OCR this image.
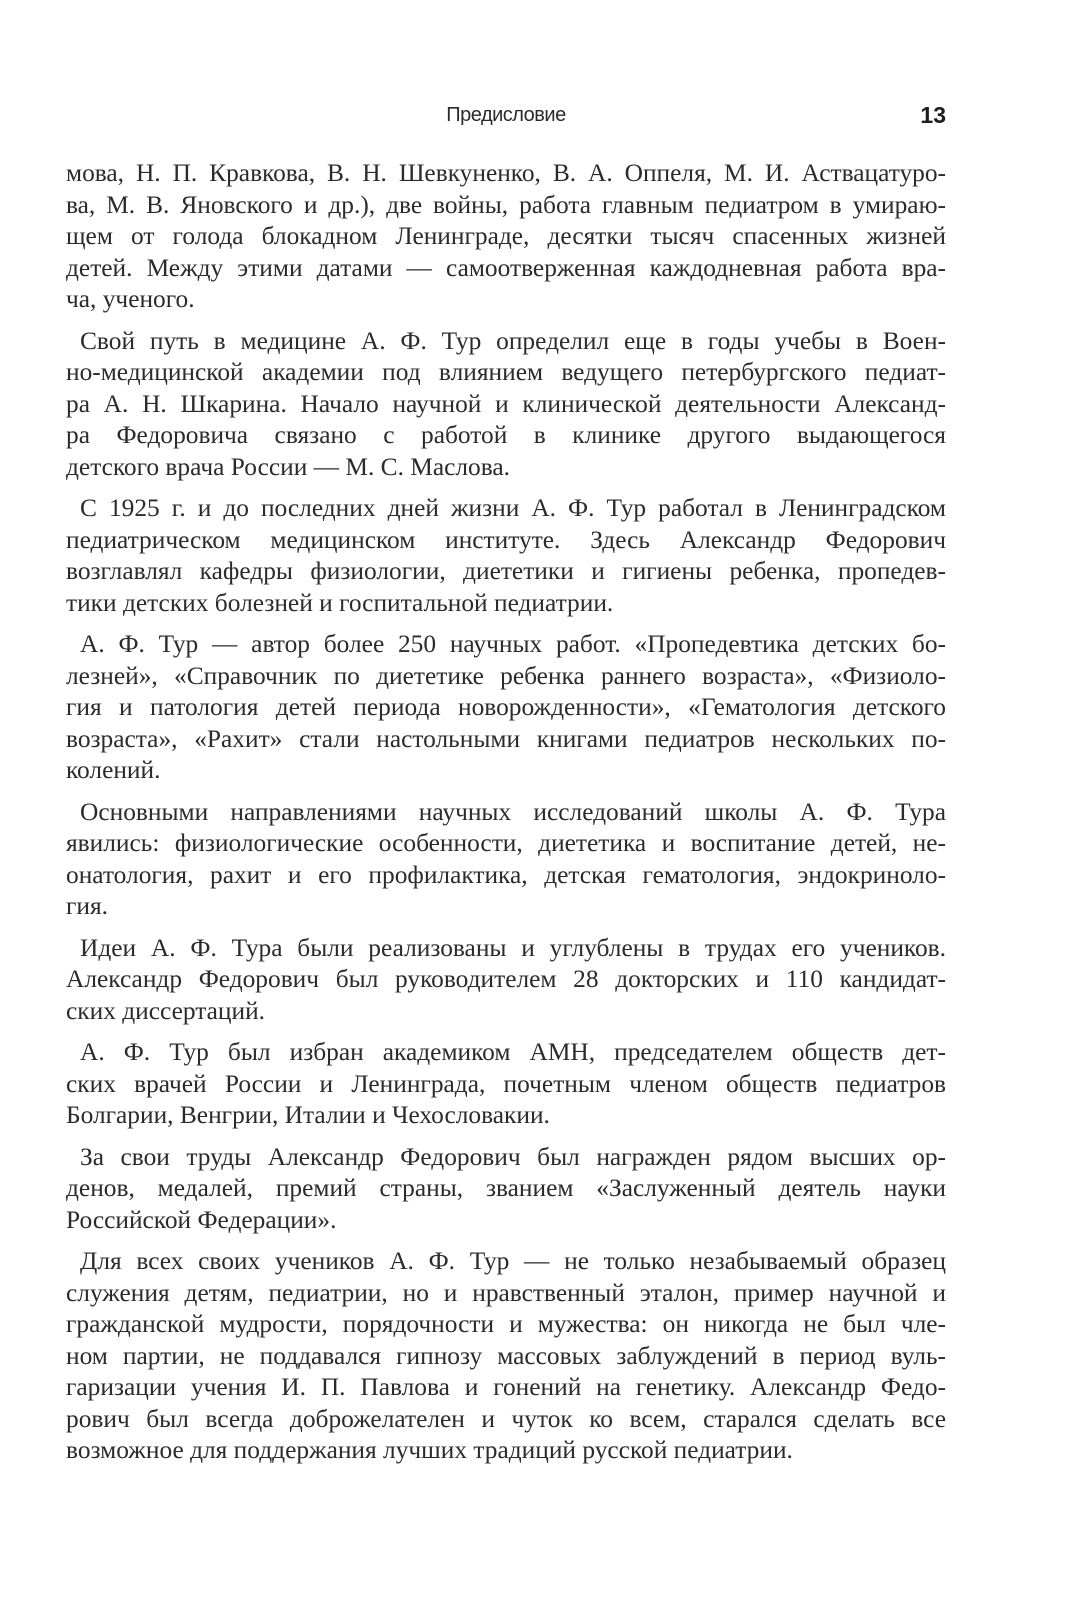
Предисловие	13

мова, Н. П. Кравкова, В. Н. Шевкуненко, В. А. Оппеля, М. И. Аствацатуро-
ва, М. В. Яновского и др.), две войны, работа главным педиатром в умираю-
щем от голода блокадном Ленинграде, десятки тысяч спасенных жизней
детей. Между этими датами — самоотверженная каждодневная работа вра-
ча, ученого.

Свой путь в медицине А. Ф. Тур определил еще в годы учебы в Воен-
но-медицинской академии под влиянием ведущего петербургского педиат-
ра А. Н. Шкарина. Начало научной и клинической деятельности Александ-
ра Федоровича связано с работой в клинике другого выдающегося
детского врача России — М. С. Маслова.

С 1925 г. и до последних дней жизни А. Ф. Тур работал в Ленинградском
педиатрическом медицинском институте. Здесь Александр Федорович
возглавлял кафедры физиологии, диететики и гигиены ребенка, пропедев-
тики детских болезней и госпитальной педиатрии.

А. Ф. Тур — автор более 250 научных работ. «Пропедевтика детских бо-
лезней», «Справочник по диететике ребенка раннего возраста», «Физиоло-
гия и патология детей периода новорожденности», «Гематология детского
возраста», «Рахит» стали настольными книгами педиатров нескольких по-
колений.

Основными направлениями научных исследований школы А. Ф. Тура
явились: физиологические особенности, диететика и воспитание детей, не-
онатология, рахит и его профилактика, детская гематология, эндокриноло-
гия.

Идеи А. Ф. Тура были реализованы и углублены в трудах его учеников.
Александр Федорович был руководителем 28 докторских и 110 кандидат-
ских диссертаций.

А. Ф. Тур был избран академиком АМН, председателем обществ дет-
ских врачей России и Ленинграда, почетным членом обществ педиатров
Болгарии, Венгрии, Италии и Чехословакии.

За свои труды Александр Федорович был награжден рядом высших ор-
денов, медалей, премий страны, званием «Заслуженный деятель науки
Российской Федерации».

Для всех своих учеников А. Ф. Тур — не только незабываемый образец
служения детям, педиатрии, но и нравственный эталон, пример научной и
гражданской мудрости, порядочности и мужества: он никогда не был чле-
ном партии, не поддавался гипнозу массовых заблуждений в период вуль-
гаризации учения И. П. Павлова и гонений на генетику. Александр Федо-
рович был всегда доброжелателен и чуток ко всем, старался сделать все
возможное для поддержания лучших традиций русской педиатрии.
